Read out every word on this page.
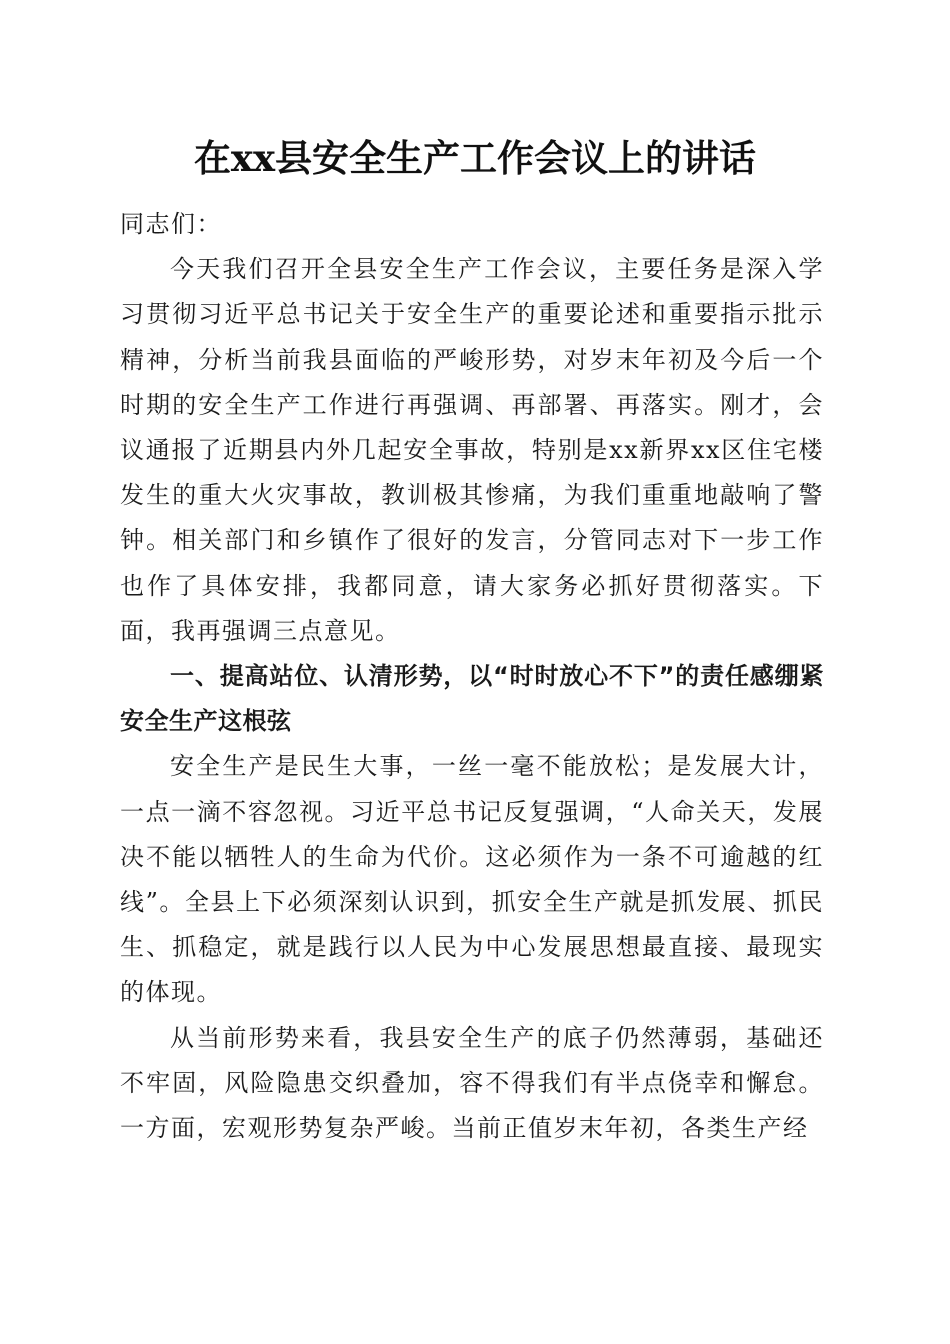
在xx县安全生产工作会议上的讲话

同志们：

今天我们召开全县安全生产工作会议，主要任务是深入学习贯彻习近平总书记关于安全生产的重要论述和重要指示批示精神，分析当前我县面临的严峻形势，对岁末年初及今后一个时期的安全生产工作进行再强调、再部署、再落实。刚才，会议通报了近期县内外几起安全事故，特别是xx新界xx区住宅楼发生的重大火灾事故，教训极其惨痛，为我们重重地敲响了警钟。相关部门和乡镇作了很好的发言，分管同志对下一步工作也作了具体安排，我都同意，请大家务必抓好贯彻落实。下面，我再强调三点意见。

一、提高站位、认清形势，以“时时放心不下”的责任感绷紧安全生产这根弦

安全生产是民生大事，一丝一毫不能放松；是发展大计，一点一滴不容忽视。习近平总书记反复强调，“人命关天，发展决不能以牺牲人的生命为代价。这必须作为一条不可逾越的红线”。全县上下必须深刻认识到，抓安全生产就是抓发展、抓民生、抓稳定，就是践行以人民为中心发展思想最直接、最现实的体现。

从当前形势来看，我县安全生产的底子仍然薄弱，基础还不牢固，风险隐患交织叠加，容不得我们有半点侥幸和懈怠。一方面，宏观形势复杂严峻。当前正值岁末年初，各类生产经
